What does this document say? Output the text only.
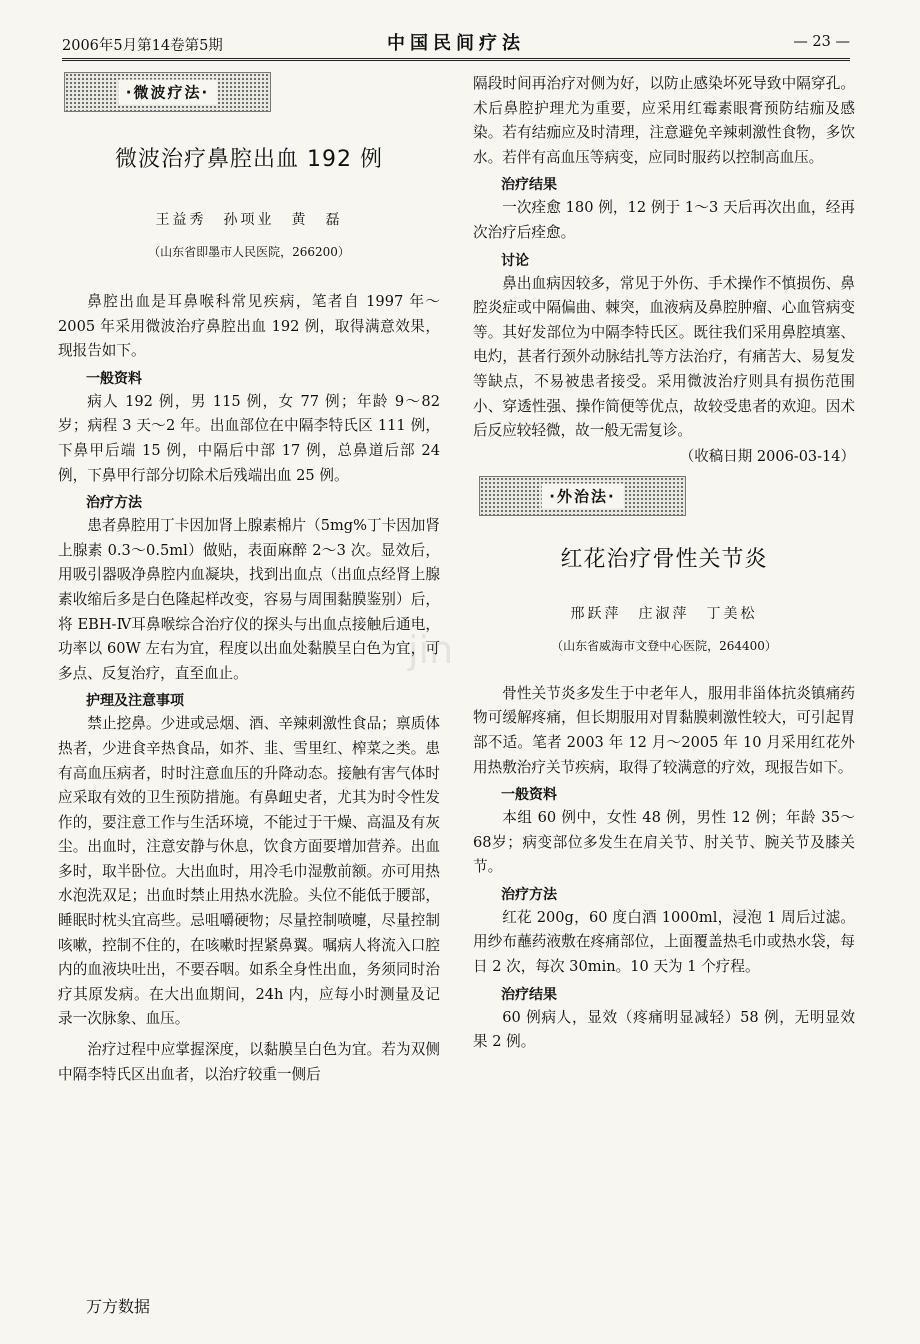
2006年5月第14卷第5期	中国民间疗法	— 23 —
jin
·微波疗法·
微波治疗鼻腔出血 192 例
王益秀　孙项业　黄　磊
（山东省即墨市人民医院，266200）

鼻腔出血是耳鼻喉科常见疾病，笔者自 1997 年～2005 年采用微波治疗鼻腔出血 192 例，取得满意效果，现报告如下。

一般资料

病人 192 例，男 115 例，女 77 例；年龄 9～82 岁；病程 3 天～2 年。出血部位在中隔李特氏区 111 例，下鼻甲后端 15 例，中隔后中部 17 例，总鼻道后部 24 例，下鼻甲行部分切除术后残端出血 25 例。

治疗方法

患者鼻腔用丁卡因加肾上腺素棉片（5mg%丁卡因加肾上腺素 0.3～0.5ml）做贴，表面麻醉 2～3 次。显效后，用吸引器吸净鼻腔内血凝块，找到出血点（出血点经肾上腺素收缩后多是白色隆起样改变，容易与周围黏膜鉴别）后，将 EBH-Ⅳ耳鼻喉综合治疗仪的探头与出血点接触后通电，功率以 60W 左右为宜，程度以出血处黏膜呈白色为宜，可多点、反复治疗，直至血止。

护理及注意事项

禁止挖鼻。少进或忌烟、酒、辛辣刺激性食品；禀质体热者，少进食辛热食品，如芥、韭、雪里红、榨菜之类。患有高血压病者，时时注意血压的升降动态。接触有害气体时应采取有效的卫生预防措施。有鼻衄史者，尤其为时令性发作的，要注意工作与生活环境，不能过于干燥、高温及有灰尘。出血时，注意安静与休息，饮食方面要增加营养。出血多时，取半卧位。大出血时，用冷毛巾湿敷前额。亦可用热水泡洗双足；出血时禁止用热水洗脸。头位不能低于腰部，睡眠时枕头宜高些。忌咀嚼硬物；尽量控制喷嚏，尽量控制咳嗽，控制不住的，在咳嗽时捏紧鼻翼。嘱病人将流入口腔内的血液块吐出，不要吞咽。如系全身性出血，务须同时治疗其原发病。在大出血期间，24h 内，应每小时测量及记录一次脉象、血压。

治疗过程中应掌握深度，以黏膜呈白色为宜。若为双侧中隔李特氏区出血者，以治疗较重一侧后

隔段时间再治疗对侧为好，以防止感染坏死导致中隔穿孔。术后鼻腔护理尤为重要，应采用红霉素眼膏预防结痂及感染。若有结痂应及时清理，注意避免辛辣刺激性食物，多饮水。若伴有高血压等病变，应同时服药以控制高血压。

治疗结果

一次痊愈 180 例，12 例于 1～3 天后再次出血，经再次治疗后痊愈。

讨论

鼻出血病因较多，常见于外伤、手术操作不慎损伤、鼻腔炎症或中隔偏曲、棘突，血液病及鼻腔肿瘤、心血管病变等。其好发部位为中隔李特氏区。既往我们采用鼻腔填塞、电灼，甚者行颈外动脉结扎等方法治疗，有痛苦大、易复发等缺点，不易被患者接受。采用微波治疗则具有损伤范围小、穿透性强、操作简便等优点，故较受患者的欢迎。因术后反应较轻微，故一般无需复诊。

（收稿日期 2006-03-14）
·外治法·
红花治疗骨性关节炎
邢跃萍　庄淑萍　丁美松
（山东省威海市文登中心医院，264400）

骨性关节炎多发生于中老年人，服用非甾体抗炎镇痛药物可缓解疼痛，但长期服用对胃黏膜刺激性较大，可引起胃部不适。笔者 2003 年 12 月～2005 年 10 月采用红花外用热敷治疗关节疾病，取得了较满意的疗效，现报告如下。

一般资料

本组 60 例中，女性 48 例，男性 12 例；年龄 35～68岁；病变部位多发生在肩关节、肘关节、腕关节及膝关节。

治疗方法

红花 200g，60 度白酒 1000ml，浸泡 1 周后过滤。用纱布蘸药液敷在疼痛部位，上面覆盖热毛巾或热水袋，每日 2 次，每次 30min。10 天为 1 个疗程。

治疗结果

60 例病人，显效（疼痛明显减轻）58 例，无明显效果 2 例。

万方数据
